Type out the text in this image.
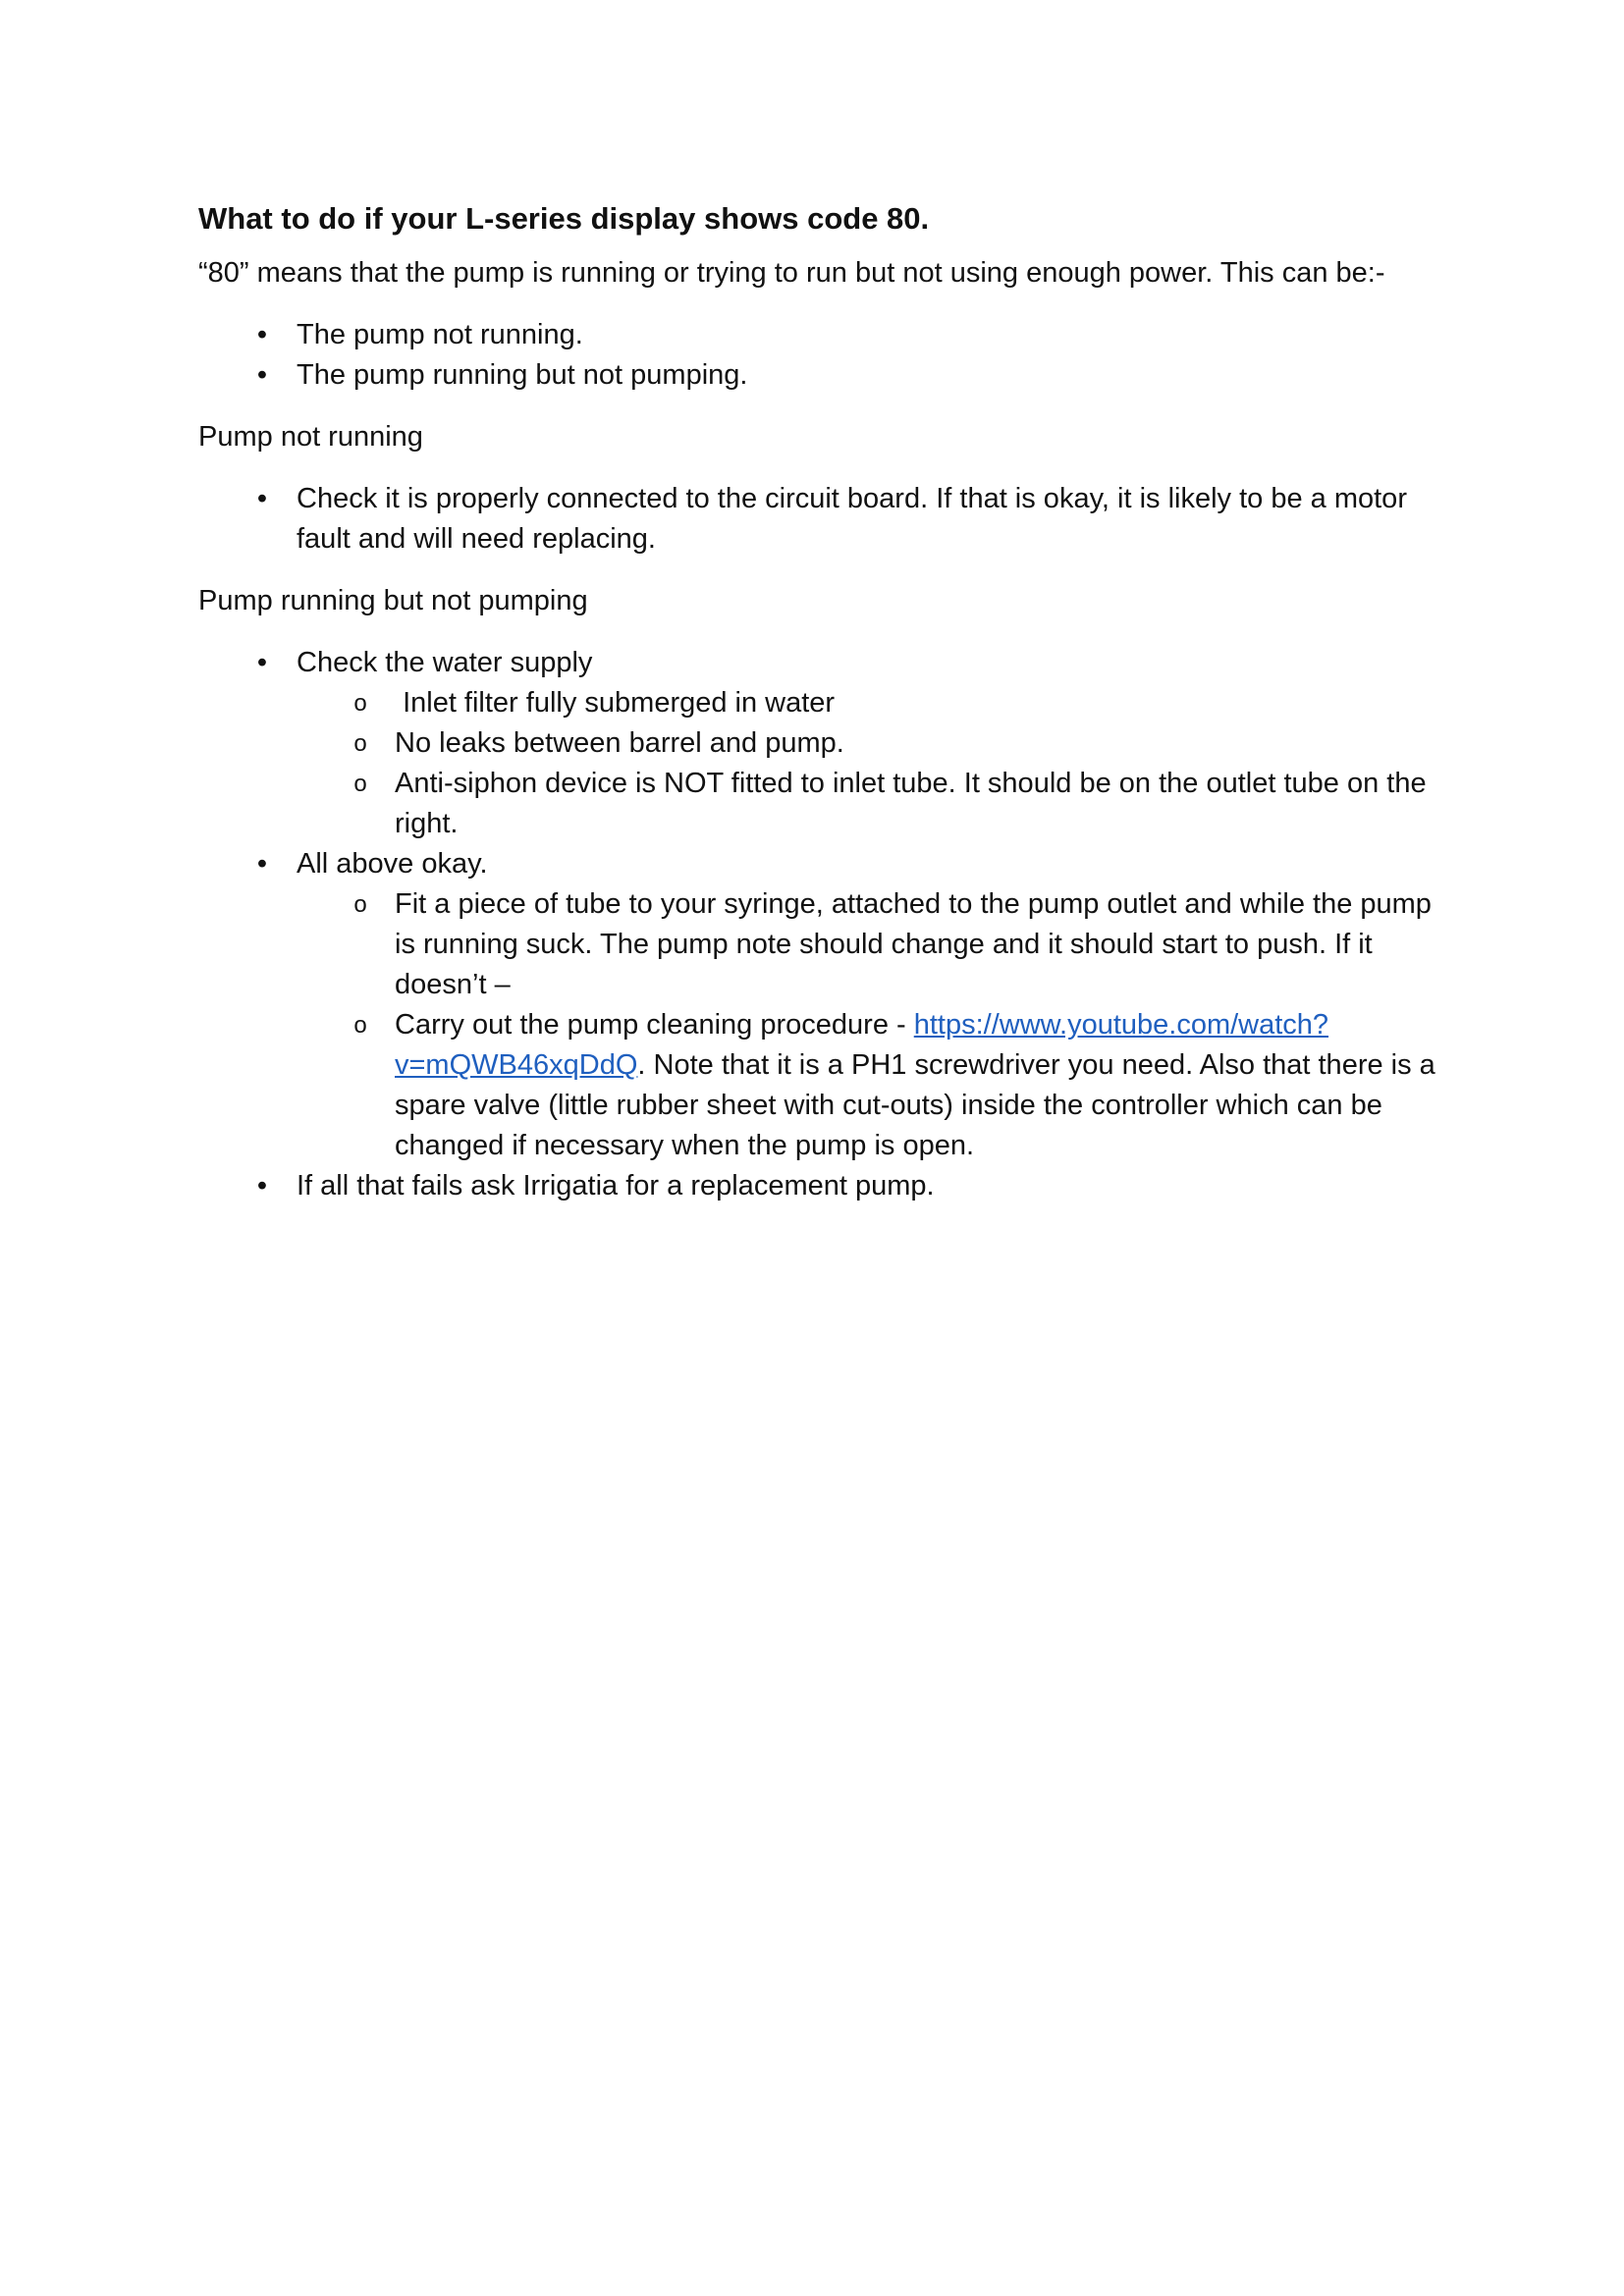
What to do if your L-series display shows code 80.

“80” means that the pump is running or trying to run but not using enough power. This can be:-

•	The pump not running.
•	The pump running but not pumping.

Pump not running

•	Check it is properly connected to the circuit board. If that is okay, it is likely to be a motor fault and will need replacing.

Pump running but not pumping

•	Check the water supply
o Inlet filter fully submerged in water
o No leaks between barrel and pump.
o Anti-siphon device is NOT fitted to inlet tube. It should be on the outlet tube on the right.
•	All above okay.
o Fit a piece of tube to your syringe, attached to the pump outlet and while the pump is running suck. The pump note should change and it should start to push. If it doesn’t –
o Carry out the pump cleaning procedure - https://www.youtube.com/watch?v=mQWB46xqDdQ. Note that it is a PH1 screwdriver you need. Also that there is a spare valve (little rubber sheet with cut-outs) inside the controller which can be changed if necessary when the pump is open.
•	If all that fails ask Irrigatia for a replacement pump.
